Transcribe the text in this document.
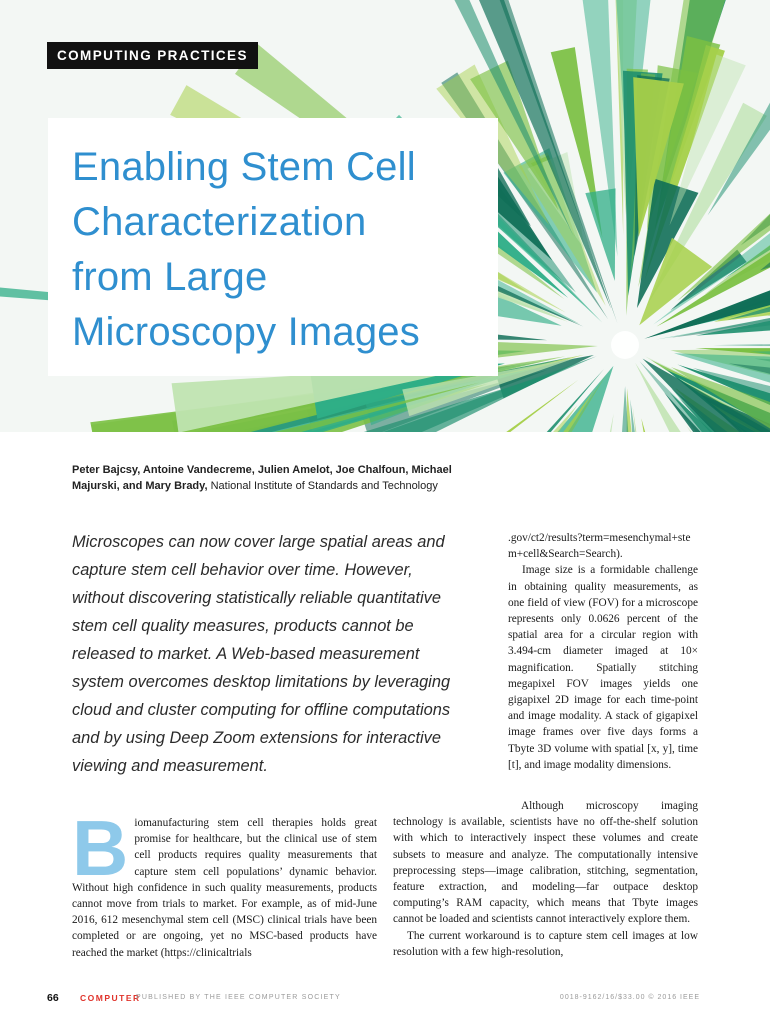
COMPUTING PRACTICES
Enabling Stem Cell
Characterization
from Large
Microscopy Images
Peter Bajcsy, Antoine Vandecreme, Julien Amelot, Joe Chalfoun, Michael Majurski, and Mary Brady, National Institute of Standards and Technology
Microscopes can now cover large spatial areas and capture stem cell behavior over time. However, without discovering statistically reliable quantitative stem cell quality measures, products cannot be released to market. A Web-based measurement system overcomes desktop limitations by leveraging cloud and cluster computing for offline computations and by using Deep Zoom extensions for interactive viewing and measurement.

.gov/ct2/results?term=mesenchymal+stem+cell&Search=Search).

Image size is a formidable challenge in obtaining quality measurements, as one field of view (FOV) for a microscope represents only 0.0626 percent of the spatial area for a circular region with 3.494-cm diameter imaged at 10× magnification. Spatially stitching megapixel FOV images yields one gigapixel 2D image for each time-point and image modality. A stack of gigapixel image frames over five days forms a Tbyte 3D volume with spatial [x, y], time [t], and image modality dimensions.

Biomanufacturing stem cell therapies holds great promise for healthcare, but the clinical use of stem cell products requires quality measurements that capture stem cell populations’ dynamic behavior. Without high confidence in such quality measurements, products cannot move from trials to market. For example, as of mid-June 2016, 612 mesenchymal stem cell (MSC) clinical trials have been completed or are ongoing, yet no MSC-based products have reached the market (https://clinicaltrials

Although microscopy imaging technology is available, scientists have no off-the-shelf solution with which to interactively inspect these volumes and create subsets to measure and analyze. The computationally intensive preprocessing steps—image calibration, stitching, segmentation, feature extraction, and modeling—far outpace desktop computing’s RAM capacity, which means that Tbyte images cannot be loaded and scientists cannot interactively explore them.

The current workaround is to capture stem cell images at low resolution with a few high-resolution,

66	COMPUTER
PUBLISHED BY THE IEEE COMPUTER SOCIETY	0018-9162/16/$33.00 © 2016 IEEE
